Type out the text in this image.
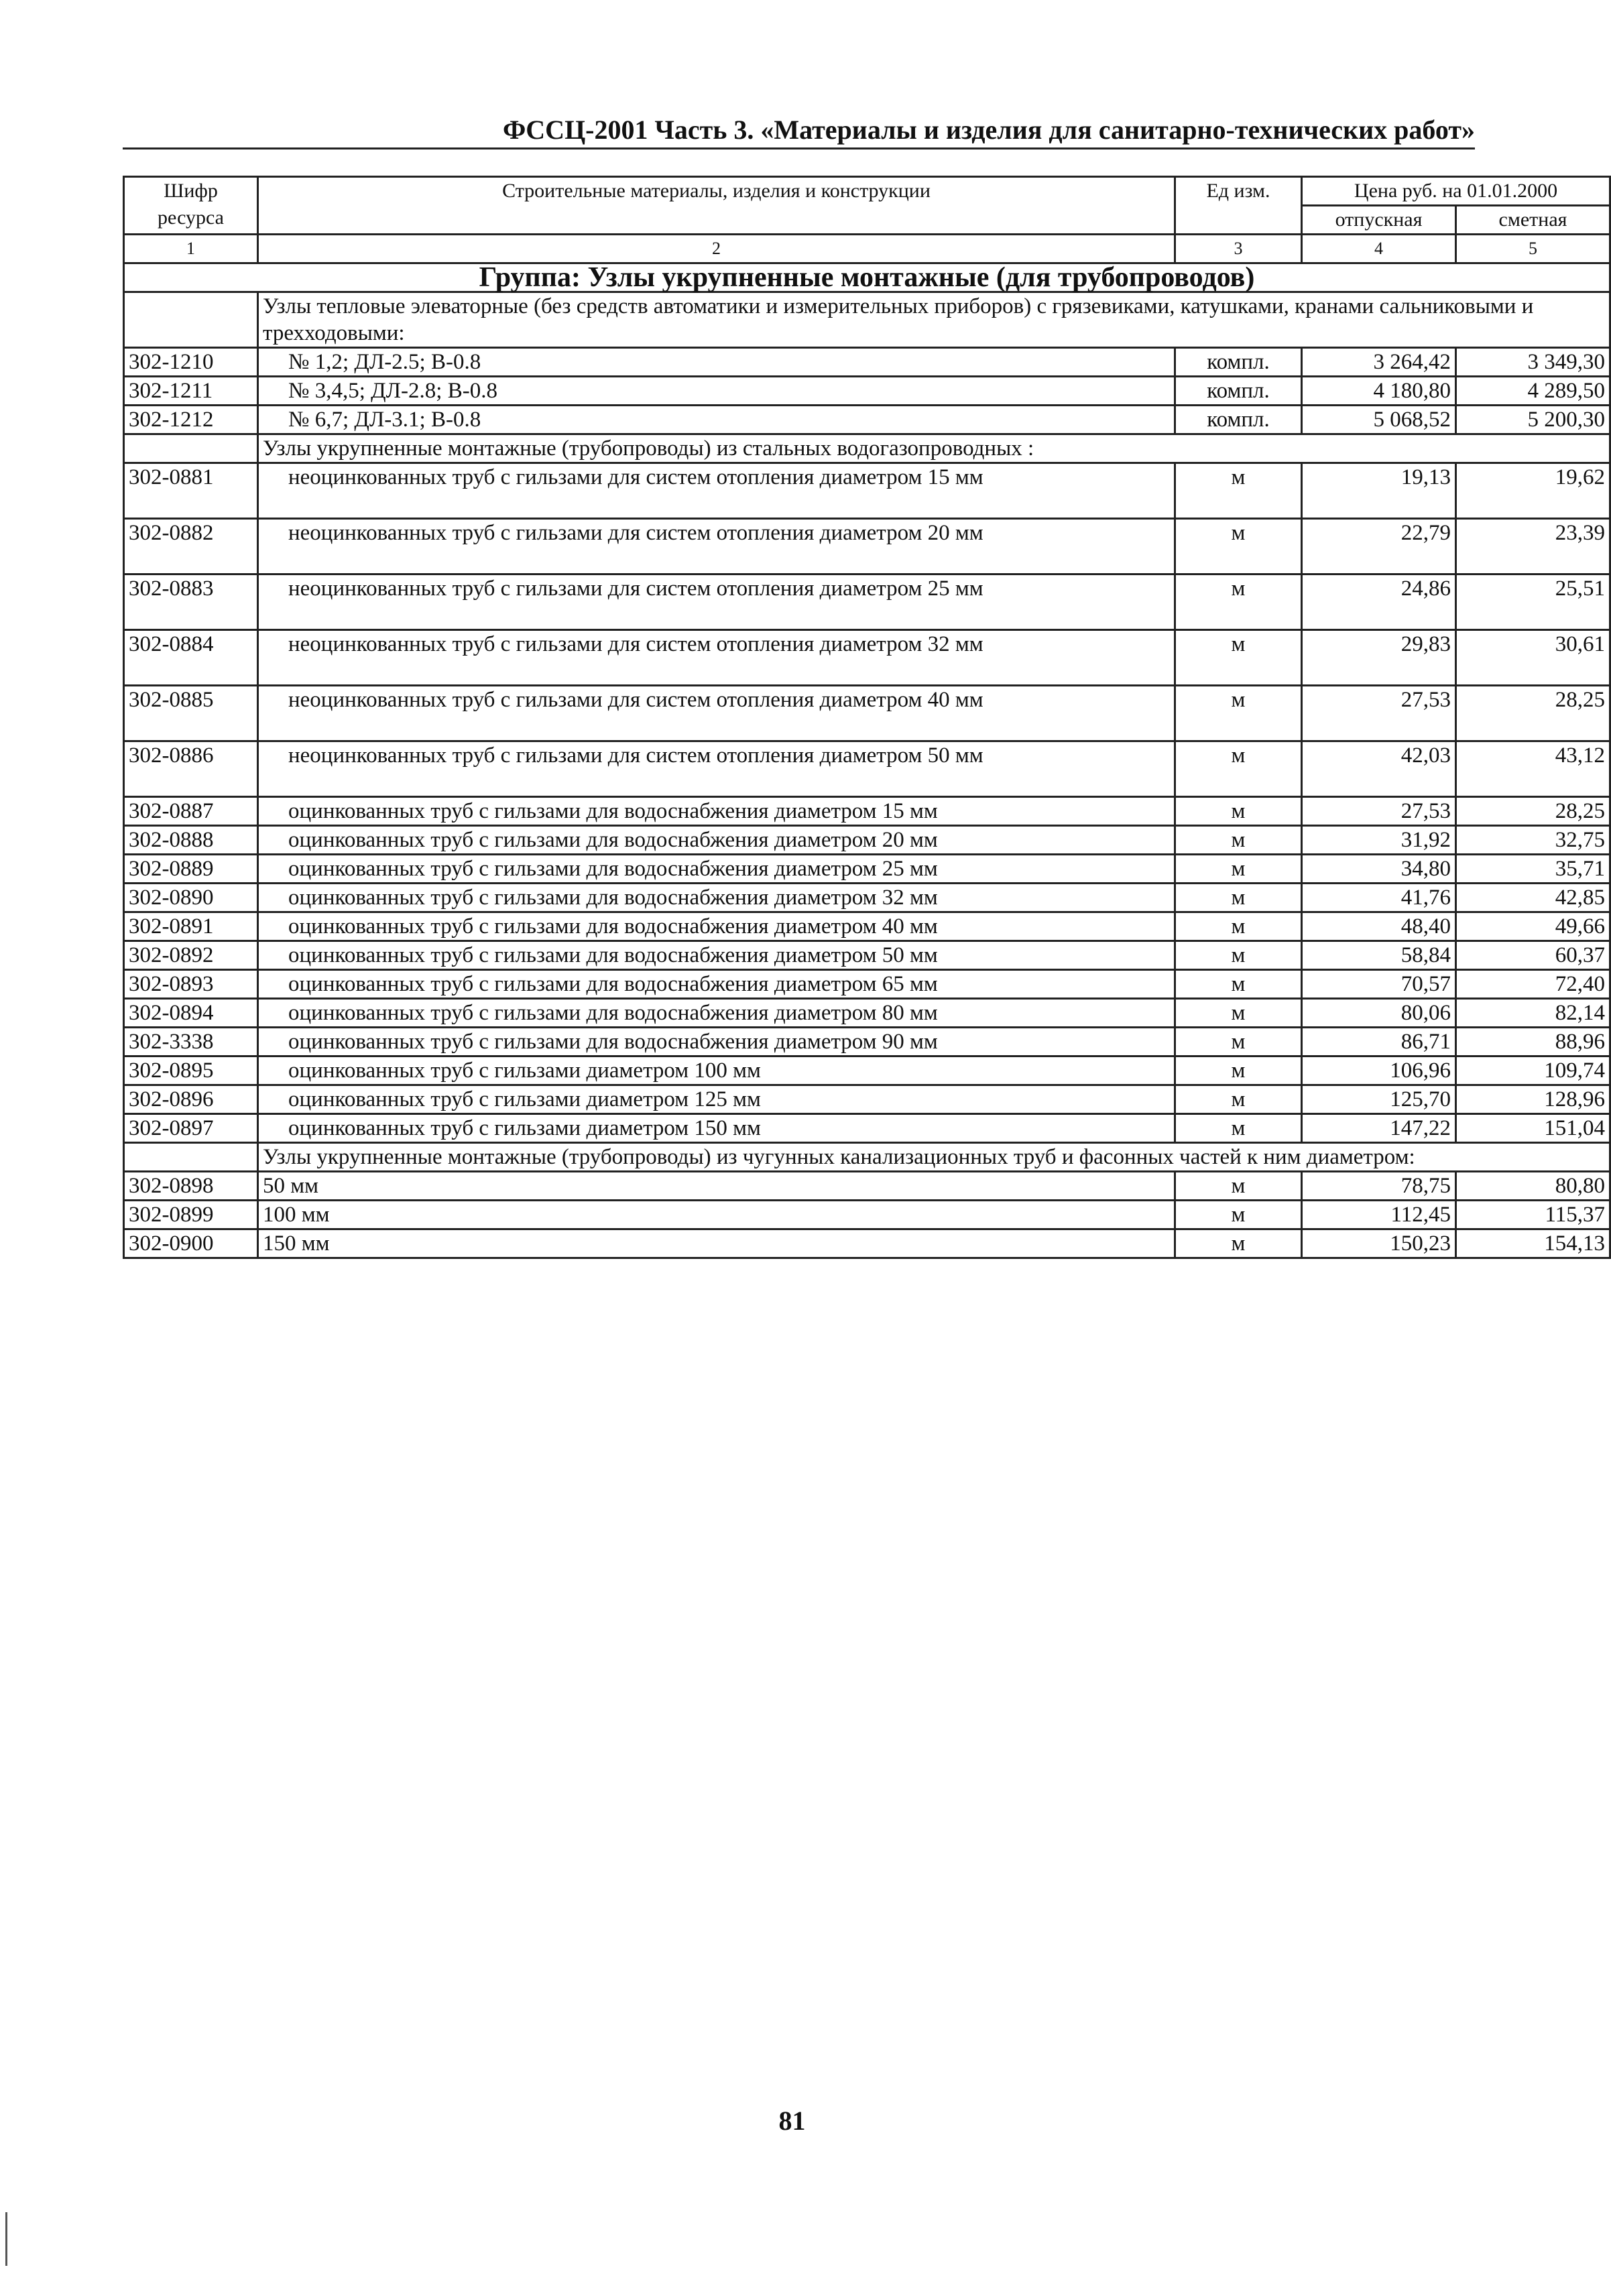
ФССЦ-2001 Часть 3. «Материалы и изделия для санитарно-технических работ»
Шифр ресурса	Строительные материалы, изделия и конструкции	Ед изм.	Цена руб. на 01.01.2000	
			отпускная	сметная
1	2	3	4	5
Группа: Узлы укрупненные монтажные (для трубопроводов)				
	Узлы тепловые элеваторные (без средств автоматики и измерительных приборов) с грязевиками, катушками, кранами сальниковыми и трехходовыми:			
302-1210	№ 1,2; ДЛ-2.5; В-0.8	компл.	3 264,42	3 349,30
302-1211	№ 3,4,5; ДЛ-2.8; В-0.8	компл.	4 180,80	4 289,50
302-1212	№ 6,7; ДЛ-3.1; В-0.8	компл.	5 068,52	5 200,30
	Узлы укрупненные монтажные (трубопроводы) из стальных водогазопроводных :			
302-0881	неоцинкованных труб с гильзами для систем отопления диаметром 15 мм	м	19,13	19,62
302-0882	неоцинкованных труб с гильзами для систем отопления диаметром 20 мм	м	22,79	23,39
302-0883	неоцинкованных труб с гильзами для систем отопления диаметром 25 мм	м	24,86	25,51
302-0884	неоцинкованных труб с гильзами для систем отопления диаметром 32 мм	м	29,83	30,61
302-0885	неоцинкованных труб с гильзами для систем отопления диаметром 40 мм	м	27,53	28,25
302-0886	неоцинкованных труб с гильзами для систем отопления диаметром 50 мм	м	42,03	43,12
302-0887	оцинкованных труб с гильзами для водоснабжения диаметром 15 мм	м	27,53	28,25
302-0888	оцинкованных труб с гильзами для водоснабжения диаметром 20 мм	м	31,92	32,75
302-0889	оцинкованных труб с гильзами для водоснабжения диаметром 25 мм	м	34,80	35,71
302-0890	оцинкованных труб с гильзами для водоснабжения диаметром 32 мм	м	41,76	42,85
302-0891	оцинкованных труб с гильзами для водоснабжения диаметром 40 мм	м	48,40	49,66
302-0892	оцинкованных труб с гильзами для водоснабжения диаметром 50 мм	м	58,84	60,37
302-0893	оцинкованных труб с гильзами для водоснабжения диаметром 65 мм	м	70,57	72,40
302-0894	оцинкованных труб с гильзами для водоснабжения диаметром 80 мм	м	80,06	82,14
302-3338	оцинкованных труб с гильзами для водоснабжения диаметром 90 мм	м	86,71	88,96
302-0895	оцинкованных труб с гильзами диаметром 100 мм	м	106,96	109,74
302-0896	оцинкованных труб с гильзами диаметром 125 мм	м	125,70	128,96
302-0897	оцинкованных труб с гильзами диаметром 150 мм	м	147,22	151,04
	Узлы укрупненные монтажные (трубопроводы) из чугунных канализационных труб и фасонных частей к ним диаметром:			
302-0898	50 мм	м	78,75	80,80
302-0899	100 мм	м	112,45	115,37
302-0900	150 мм	м	150,23	154,13
81
